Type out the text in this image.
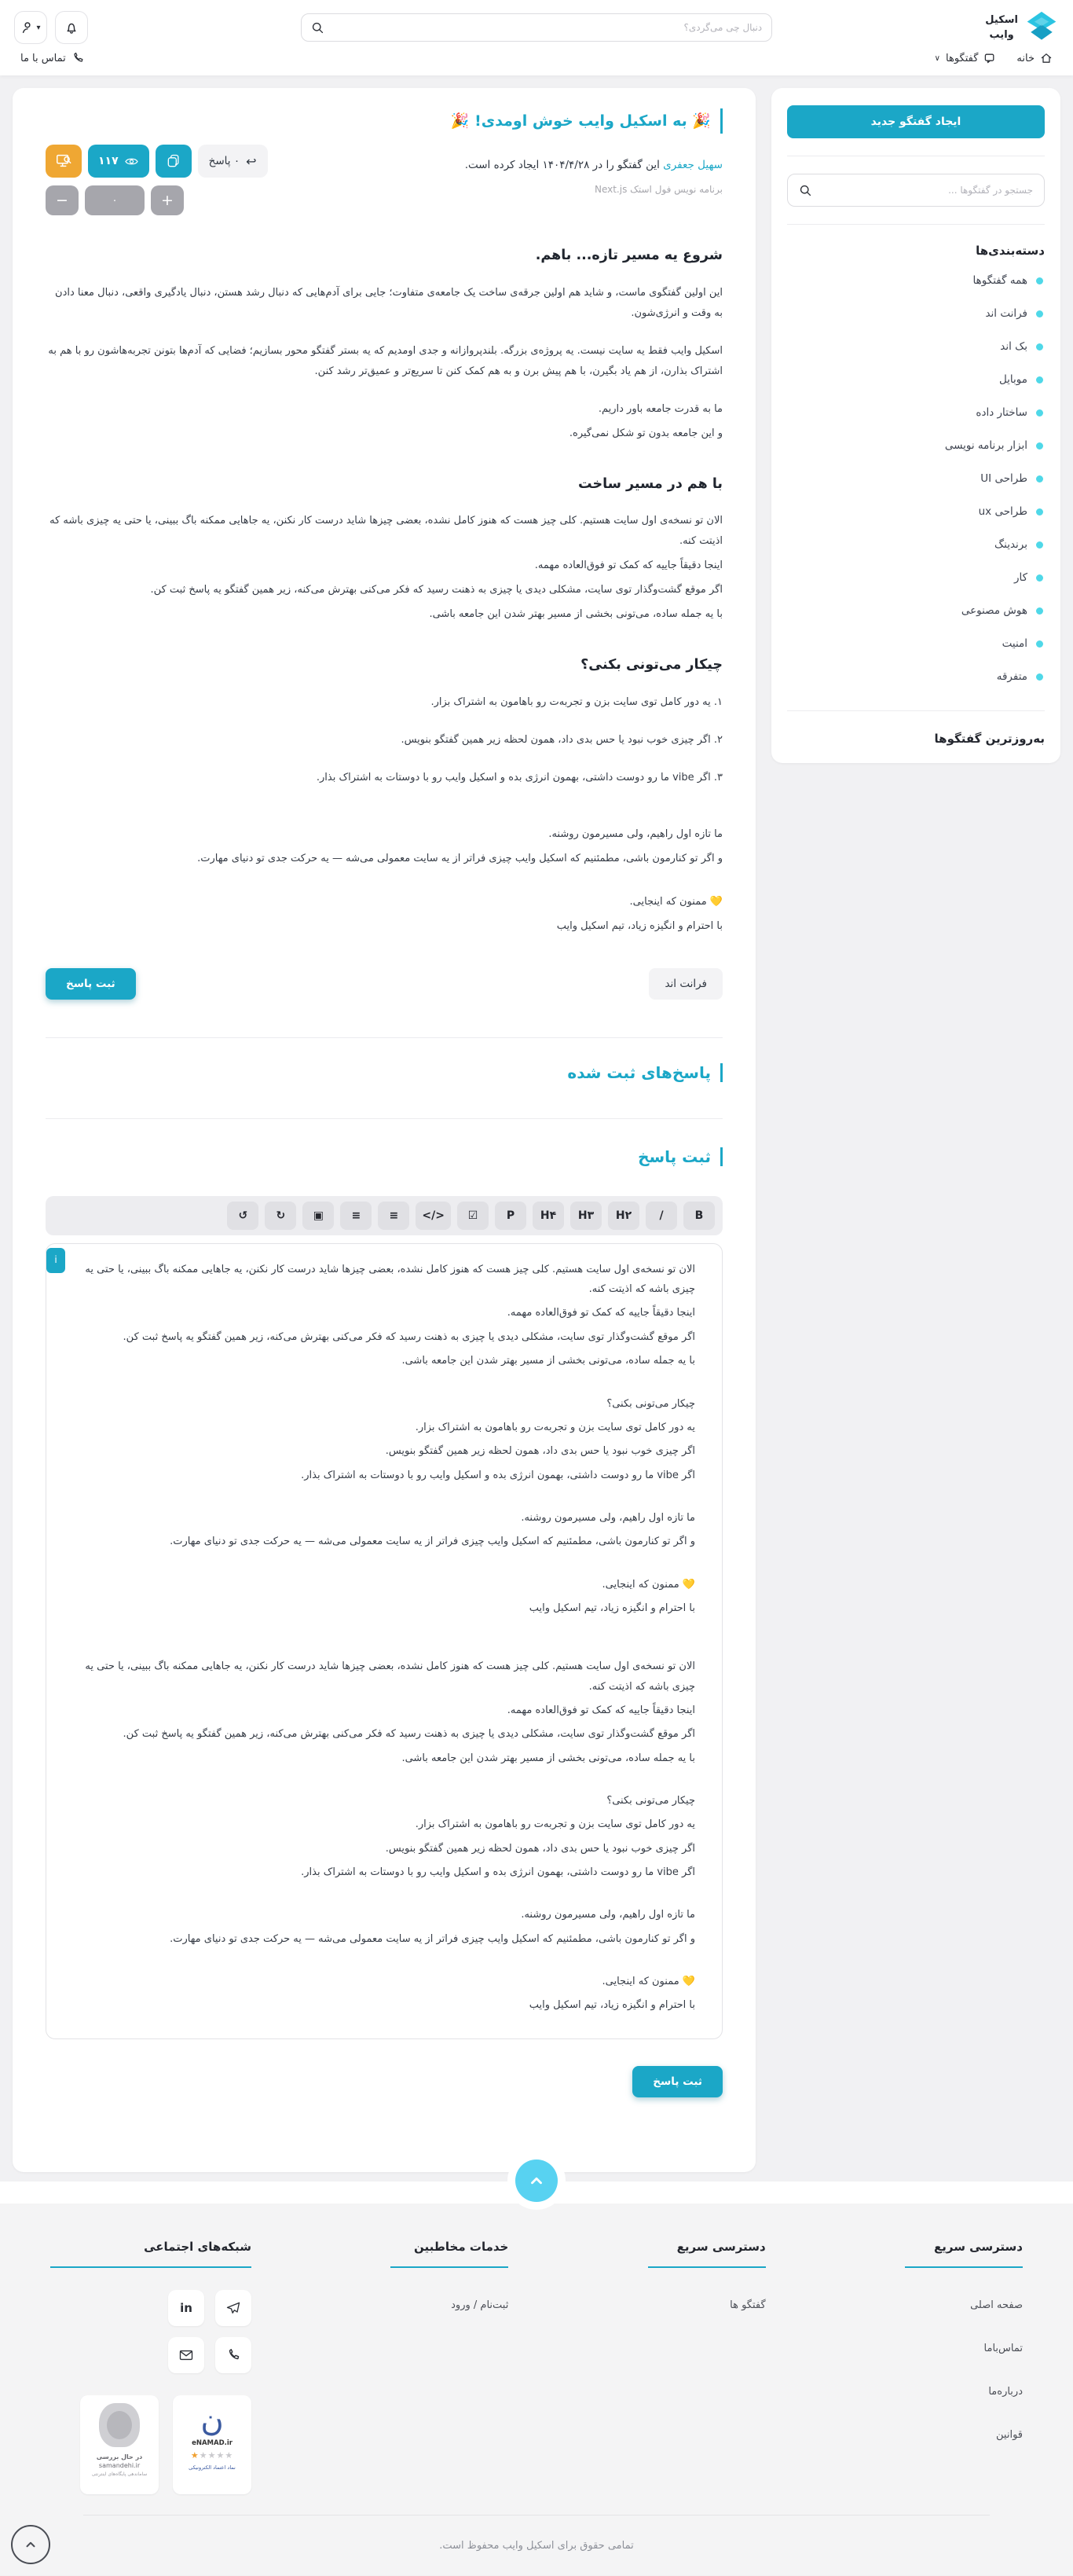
اسکیل
وایب
دنبال چی می‌گردی؟
▾
خانه
گفتگوها
∨
تماس با ما
ایجاد گفتگو جدید
جستجو در گفتگوها ...
دسته‌بندی‌ها
همه گفتگوها
فرانت اند
بک اند
موبایل
ساختار داده
ابزار برنامه نویسی
طراحی UI
طراحی ux
برندینگ
کار
هوش مصنوعی
امنیت
متفرقه
به‌روزترین گفتگوها
🎉 به اسکیل وایب خوش اومدی! 🎉
سهیل جعفری این گفتگو را در ۱۴۰۴/۴/۲۸ ایجاد کرده است.
برنامه نویس فول استک Next.js
۱۱۷	↩
۰ پاسخ
−	۰	+
شروع یه مسیر تازه... باهم.
این اولین گفتگوی ماست، و شاید هم اولین جرقه‌ی ساخت یک جامعه‌ی متفاوت؛ جایی برای آدم‌هایی که دنبال رشد هستن، دنبال یادگیری واقعی، دنبال معنا دادن به وقت و انرژی‌شون.
اسکیل وایب فقط یه سایت نیست. یه پروژه‌ی بزرگه. بلندپروازانه و جدی اومدیم که یه بستر گفتگو محور بسازیم؛ فضایی که آدم‌ها بتونن تجربه‌هاشون رو با هم به اشتراک بذارن، از هم یاد بگیرن، با هم پیش برن و به هم کمک کنن تا سریع‌تر و عمیق‌تر رشد کنن.
ما به قدرت جامعه باور داریم.
و این جامعه بدون تو شکل نمی‌گیره.
با هم در مسیر ساخت
الان تو نسخه‌ی اول سایت هستیم. کلی چیز هست که هنوز کامل نشده، بعضی چیزها شاید درست کار نکنن، یه جاهایی ممکنه باگ ببینی، یا حتی یه چیزی باشه که اذیتت کنه.
اینجا دقیقاً جاییه که کمک تو فوق‌العاده مهمه.
اگر موقع گشت‌وگذار توی سایت، مشکلی دیدی یا چیزی به ذهنت رسید که فکر می‌کنی بهترش می‌کنه، زیر همین گفتگو یه پاسخ ثبت کن.
با یه جمله ساده، می‌تونی بخشی از مسیر بهتر شدن این جامعه باشی.
چیکار می‌تونی بکنی؟
۱. یه دور کامل توی سایت بزن و تجربه‌ت رو باهامون به اشتراک بزار.
۲. اگر چیزی خوب نبود یا حس بدی داد، همون لحظه زیر همین گفتگو بنویس.
۳. اگر vibe ما رو دوست داشتی، بهمون انرژی بده و اسکیل وایب رو با دوستات به اشتراک بذار.
ما تازه اول راهیم، ولی مسیرمون روشنه.
و اگر تو کنارمون باشی، مطمئنیم که اسکیل وایب چیزی فراتر از یه سایت معمولی می‌شه — یه حرکت جدی تو دنیای مهارت.
💛 ممنون که اینجایی.
با احترام و انگیزه زیاد، تیم اسکیل وایب
فرانت اند
ثبت پاسخ
پاسخ‌های ثبت شده
ثبت پاسخ
↺	↻	▣	≡	≡	</>	☑	P	H۴	H۳	H۲	/	B
i
الان تو نسخه‌ی اول سایت هستیم. کلی چیز هست که هنوز کامل نشده، بعضی چیزها شاید درست کار نکنن، یه جاهایی ممکنه باگ ببینی، یا حتی یه چیزی باشه که اذیتت کنه.
اینجا دقیقاً جاییه که کمک تو فوق‌العاده مهمه.
اگر موقع گشت‌وگذار توی سایت، مشکلی دیدی یا چیزی به ذهنت رسید که فکر می‌کنی بهترش می‌کنه، زیر همین گفتگو یه پاسخ ثبت کن.
با یه جمله ساده، می‌تونی بخشی از مسیر بهتر شدن این جامعه باشی.
چیکار می‌تونی بکنی؟
یه دور کامل توی سایت بزن و تجربه‌ت رو باهامون به اشتراک بزار.
اگر چیزی خوب نبود یا حس بدی داد، همون لحظه زیر همین گفتگو بنویس.
اگر vibe ما رو دوست داشتی، بهمون انرژی بده و اسکیل وایب رو با دوستات به اشتراک بذار.
ما تازه اول راهیم، ولی مسیرمون روشنه.
و اگر تو کنارمون باشی، مطمئنیم که اسکیل وایب چیزی فراتر از یه سایت معمولی می‌شه — یه حرکت جدی تو دنیای مهارت.
💛 ممنون که اینجایی.
با احترام و انگیزه زیاد، تیم اسکیل وایب
الان تو نسخه‌ی اول سایت هستیم. کلی چیز هست که هنوز کامل نشده، بعضی چیزها شاید درست کار نکنن، یه جاهایی ممکنه باگ ببینی، یا حتی یه چیزی باشه که اذیتت کنه.
اینجا دقیقاً جاییه که کمک تو فوق‌العاده مهمه.
اگر موقع گشت‌وگذار توی سایت، مشکلی دیدی یا چیزی به ذهنت رسید که فکر می‌کنی بهترش می‌کنه، زیر همین گفتگو یه پاسخ ثبت کن.
با یه جمله ساده، می‌تونی بخشی از مسیر بهتر شدن این جامعه باشی.
چیکار می‌تونی بکنی؟
یه دور کامل توی سایت بزن و تجربه‌ت رو باهامون به اشتراک بزار.
اگر چیزی خوب نبود یا حس بدی داد، همون لحظه زیر همین گفتگو بنویس.
اگر vibe ما رو دوست داشتی، بهمون انرژی بده و اسکیل وایب رو با دوستات به اشتراک بذار.
ما تازه اول راهیم، ولی مسیرمون روشنه.
و اگر تو کنارمون باشی، مطمئنیم که اسکیل وایب چیزی فراتر از یه سایت معمولی می‌شه — یه حرکت جدی تو دنیای مهارت.
💛 ممنون که اینجایی.
با احترام و انگیزه زیاد، تیم اسکیل وایب
ثبت پاسخ
دسترسی سریع
صفحه اصلی
تماس‌باما
درباره‌ما
قوانین
دسترسی سریع
گفتگو ها
خدمات مخاطبین
ثبت‌نام / ورود
شبکه‌های اجتماعی
in
ن
eNAMAD.ir
★★★★★
نماد اعتماد الکترونیکی
در حال بررسی
samandehi.ir
ساماندهی پایگاه‌های اینترنتی
تمامی حقوق برای اسکیل وایب محفوظ است.
